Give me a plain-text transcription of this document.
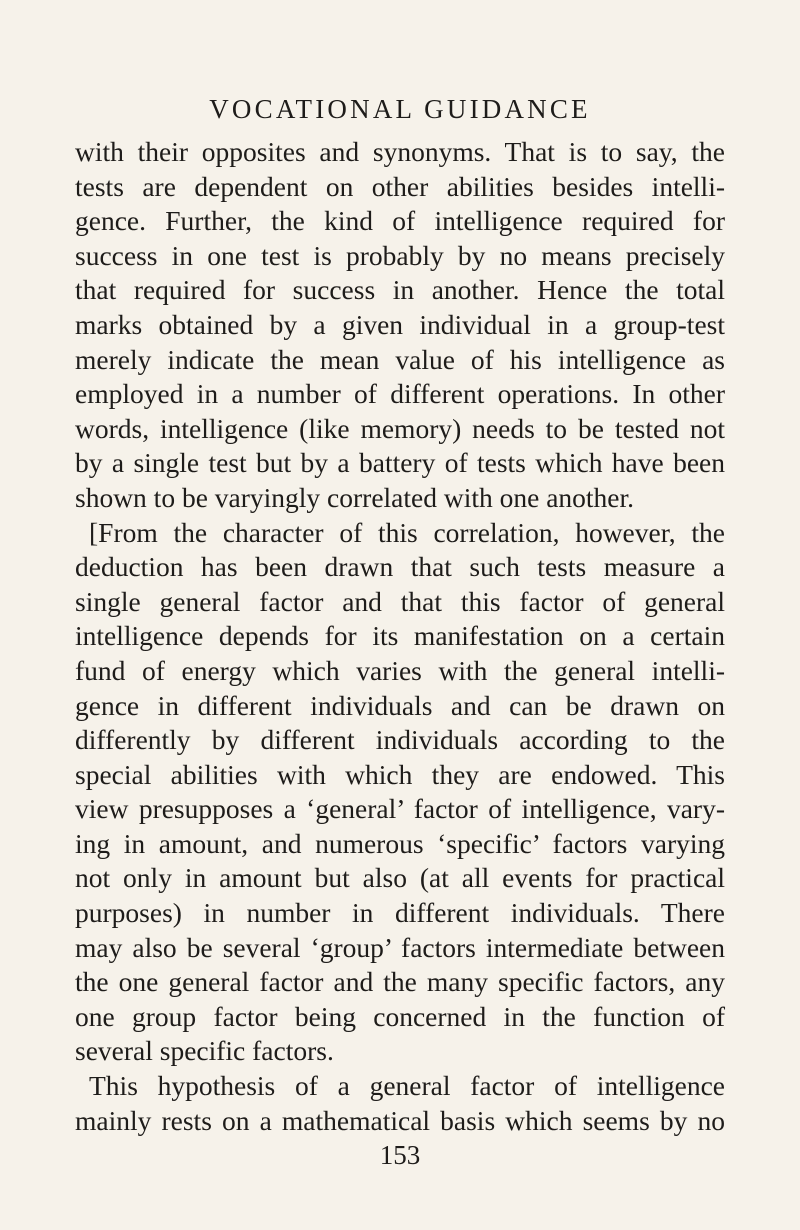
VOCATIONAL GUIDANCE
with their opposites and synonyms. That is to say, the
tests are dependent on other abilities besides intelli-
gence. Further, the kind of intelligence required for
success in one test is probably by no means precisely
that required for success in another. Hence the total
marks obtained by a given individual in a group-test
merely indicate the mean value of his intelligence as
employed in a number of different operations. In other
words, intelligence (like memory) needs to be tested not
by a single test but by a battery of tests which have been
shown to be varyingly correlated with one another.
[From the character of this correlation, however, the
deduction has been drawn that such tests measure a
single general factor and that this factor of general
intelligence depends for its manifestation on a certain
fund of energy which varies with the general intelli-
gence in different individuals and can be drawn on
differently by different individuals according to the
special abilities with which they are endowed. This
view presupposes a ‘general’ factor of intelligence, vary-
ing in amount, and numerous ‘specific’ factors varying
not only in amount but also (at all events for practical
purposes) in number in different individuals. There
may also be several ‘group’ factors intermediate between
the one general factor and the many specific factors, any
one group factor being concerned in the function of
several specific factors.
This hypothesis of a general factor of intelligence
mainly rests on a mathematical basis which seems by no
153
